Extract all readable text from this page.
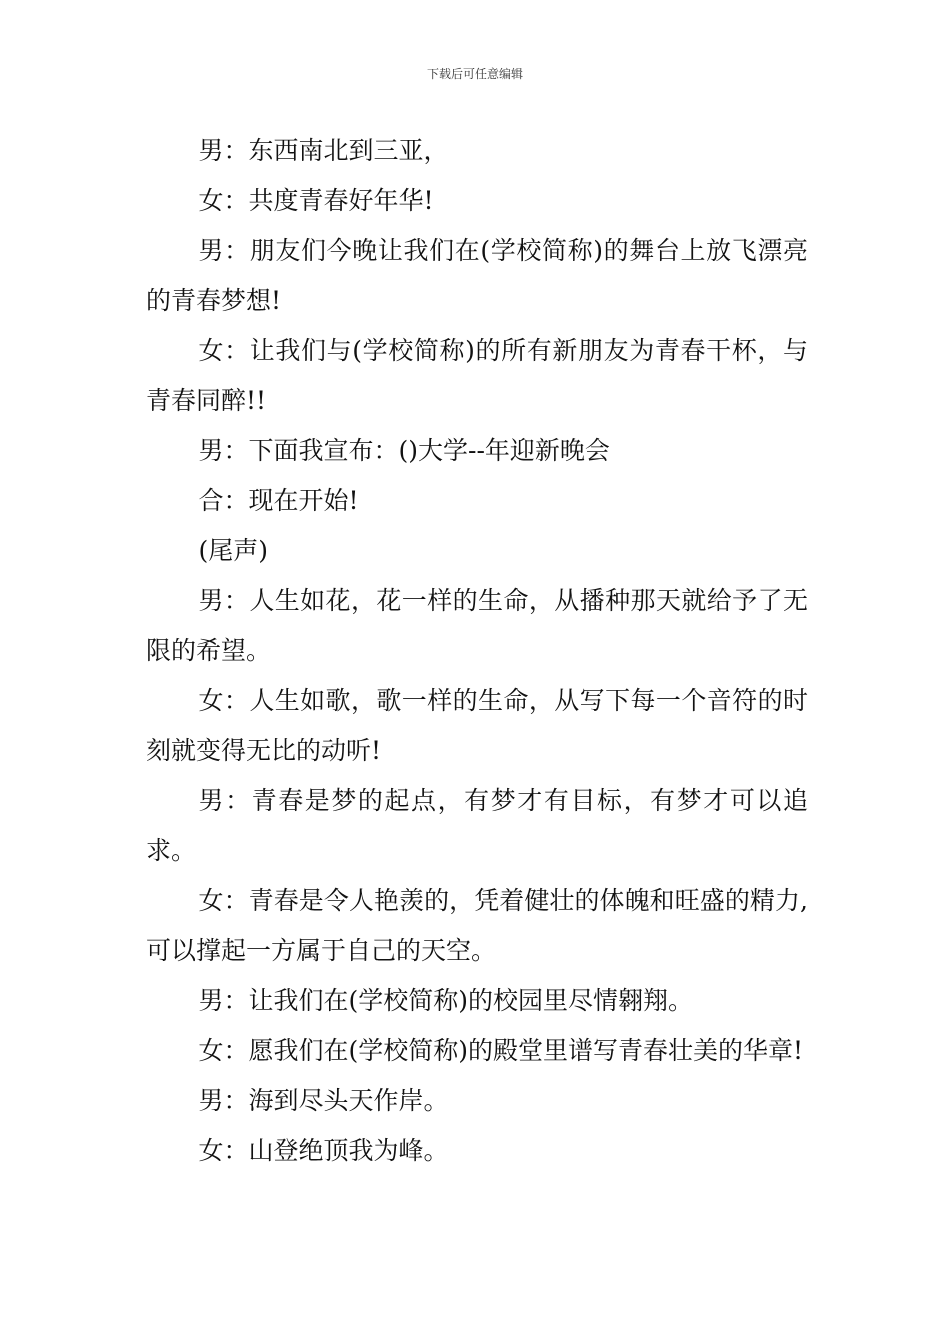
下载后可任意编辑

男：东西南北到三亚，

女：共度青春好年华!

男：朋友们今晚让我们在(学校简称)的舞台上放飞漂亮的青春梦想!

女：让我们与(学校简称)的所有新朋友为青春干杯，与青春同醉!!

男：下面我宣布：()大学--年迎新晚会

合：现在开始!

(尾声)

男：人生如花，花一样的生命，从播种那天就给予了无限的希望。

女：人生如歌，歌一样的生命，从写下每一个音符的时刻就变得无比的动听!

男：青春是梦的起点，有梦才有目标，有梦才可以追求。

女：青春是令人艳羡的，凭着健壮的体魄和旺盛的精力,可以撑起一方属于自己的天空。

男：让我们在(学校简称)的校园里尽情翱翔。

女：愿我们在(学校简称)的殿堂里谱写青春壮美的华章!

男：海到尽头天作岸。

女：山登绝顶我为峰。
